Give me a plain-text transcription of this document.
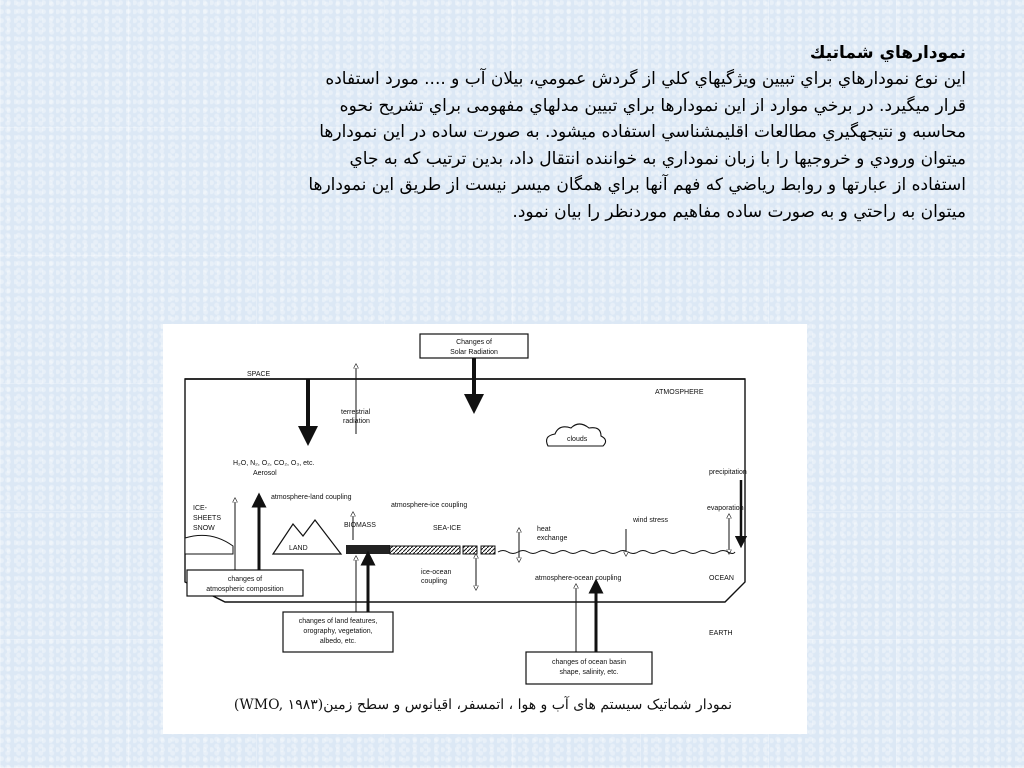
نمودارهاي شماتيك
اين نوع نمودارهاي براي تبيين ويژگيهاي كلي از گردش عمومي، بيلان آب و .... مورد استفاده
قرار ميگيرد. در برخي موارد از اين نمودارها براي تبيين مدلهاي مفهومی براي تشريح نحوه
محاسبه و نتيجهگيري مطالعات اقليمشناسي استفاده ميشود. به صورت ساده در اين نمودارها
ميتوان ورودي و خروجيها را با زبان نموداري به خواننده انتقال داد، بدين ترتيب كه به جاي
استفاده از عبارتها و روابط رياضي كه فهم آنها براي همگان ميسر نيست از طريق اين نمودارها
ميتوان به راحتي و به صورت ساده مفاهيم موردنظر را بيان نمود.
Changes of
Solar Radiation
SPACE
ATMOSPHERE
terrestrial
radiation
clouds
H₂O, N₂, O₂, CO₂, O₃, etc.
Aerosol	precipitation
evaporation
atmosphere-land coupling
atmosphere-ice coupling
ICE-
SHEETS
SNOW
LAND
BIOMASS	SEA-ICE	heat
exchange
wind stress
ice-ocean
coupling	atmosphere-ocean coupling	OCEAN
EARTH
changes of
atmospheric composition
changes of land features,
orography, vegetation,
albedo, etc.
changes of ocean basin
shape, salinity, etc.
نمودار شماتیک سیستم های آب و هوا ، اتمسفر، اقیانوس و سطح زمین(WMO, ۱۹۸۳)
